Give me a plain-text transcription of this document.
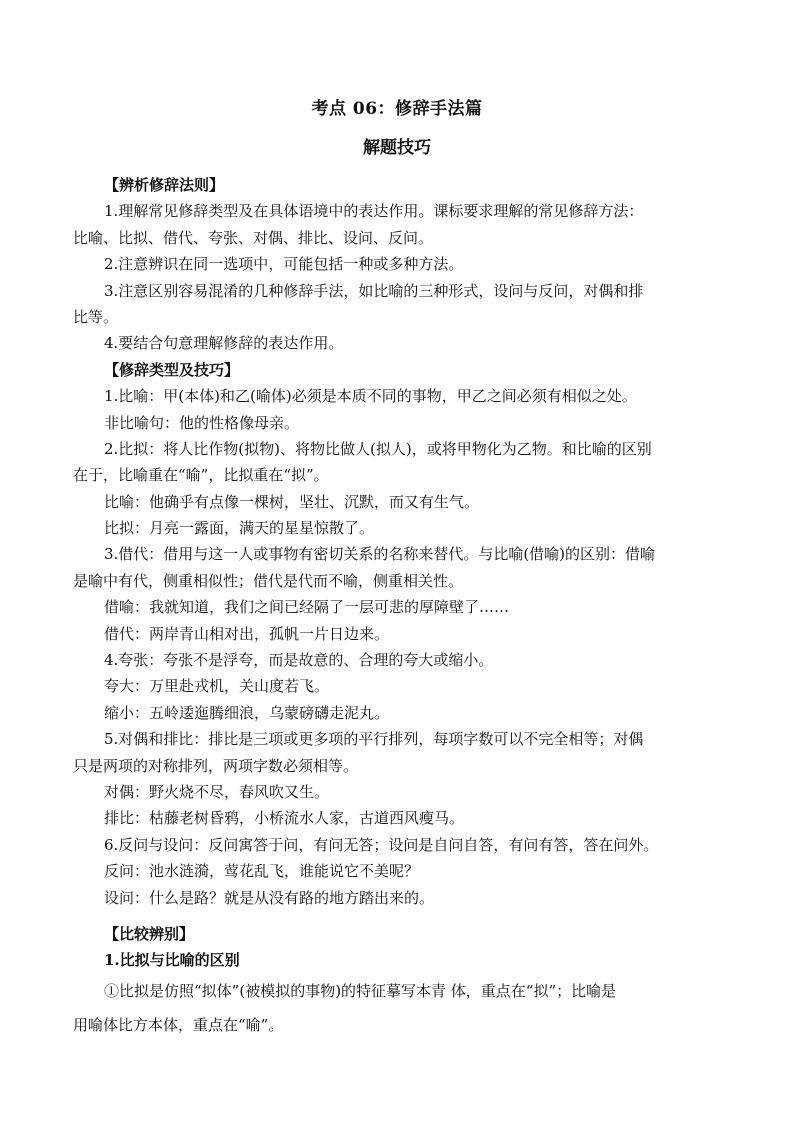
考点 06：修辞手法篇
解题技巧
【辨析修辞法则】
1.理解常见修辞类型及在具体语境中的表达作用。课标要求理解的常见修辞方法：
比喻、比拟、借代、夸张、对偶、排比、设问、反问。
2.注意辨识在同一选项中，可能包括一种或多种方法。
3.注意区别容易混淆的几种修辞手法，如比喻的三种形式，设问与反问，对偶和排
比等。
4.要结合句意理解修辞的表达作用。
【修辞类型及技巧】
1.比喻：甲(本体)和乙(喻体)必须是本质不同的事物，甲乙之间必须有相似之处。
非比喻句：他的性格像母亲。
2.比拟：将人比作物(拟物)、将物比做人(拟人)，或将甲物化为乙物。和比喻的区别
在于，比喻重在“喻”，比拟重在“拟”。
比喻：他确乎有点像一棵树，坚壮、沉默，而又有生气。
比拟：月亮一露面，满天的星星惊散了。
3.借代：借用与这一人或事物有密切关系的名称来替代。与比喻(借喻)的区别：借喻
是喻中有代，侧重相似性；借代是代而不喻，侧重相关性。
借喻：我就知道，我们之间已经隔了一层可悲的厚障壁了……
借代：两岸青山相对出，孤帆一片日边来。
4.夸张：夸张不是浮夸，而是故意的、合理的夸大或缩小。
夸大：万里赴戎机，关山度若飞。
缩小：五岭逶迤腾细浪，乌蒙磅礴走泥丸。
5.对偶和排比：排比是三项或更多项的平行排列，每项字数可以不完全相等；对偶
只是两项的对称排列，两项字数必须相等。
对偶：野火烧不尽，春风吹又生。
排比：枯藤老树昏鸦，小桥流水人家，古道西风瘦马。
6.反问与设问：反问寓答于问，有问无答；设问是自问自答，有问有答，答在问外。
反问：池水涟漪，莺花乱飞，谁能说它不美呢？
设问：什么是路？就是从没有路的地方踏出来的。
【比较辨别】
1.比拟与比喻的区别
①比拟是仿照“拟体”(被模拟的事物)的特征摹写本青 体，重点在“拟”；比喻是
用喻体比方本体，重点在“喻”。
